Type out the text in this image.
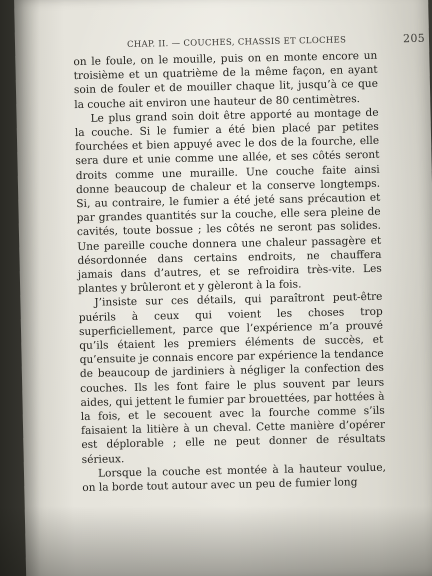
CHAP. II. — COUCHES, CHASSIS ET CLOCHES	205

on le foule, on le mouille, puis on en monte encore un troisième et un quatrième de la même façon, en ayant soin de fouler et de mouiller chaque lit, jusqu’à ce que la couche ait environ une hauteur de 80 centimètres.

Le plus grand soin doit être apporté au montage de la couche. Si le fumier a été bien placé par petites fourchées et bien appuyé avec le dos de la fourche, elle sera dure et unie comme une allée, et ses côtés seront droits comme une muraille. Une couche faite ainsi donne beaucoup de chaleur et la conserve longtemps. Si, au contraire, le fumier a été jeté sans précaution et par grandes quantités sur la couche, elle sera pleine de cavités, toute bossue ; les côtés ne seront pas solides. Une pareille couche donnera une chaleur passagère et désordonnée dans certains endroits, ne chauffera jamais dans d’autres, et se refroidira très-vite. Les plantes y brûleront et y gèleront à la fois.

J’insiste sur ces détails, qui paraîtront peut-être puérils à ceux qui voient les choses trop superficiellement, parce que l’expérience m’a prouvé qu’ils étaient les premiers éléments de succès, et qu’ensuite je connais encore par expérience la tendance de beaucoup de jardiniers à négliger la confection des couches. Ils les font faire le plus souvent par leurs aides, qui jettent le fumier par brouettées, par hottées à la fois, et le secouent avec la fourche comme s’ils faisaient la litière à un cheval. Cette manière d’opérer est déplorable ; elle ne peut donner de résultats sérieux.

Lorsque la couche est montée à la hauteur voulue, on la borde tout autour avec un peu de fumier long
